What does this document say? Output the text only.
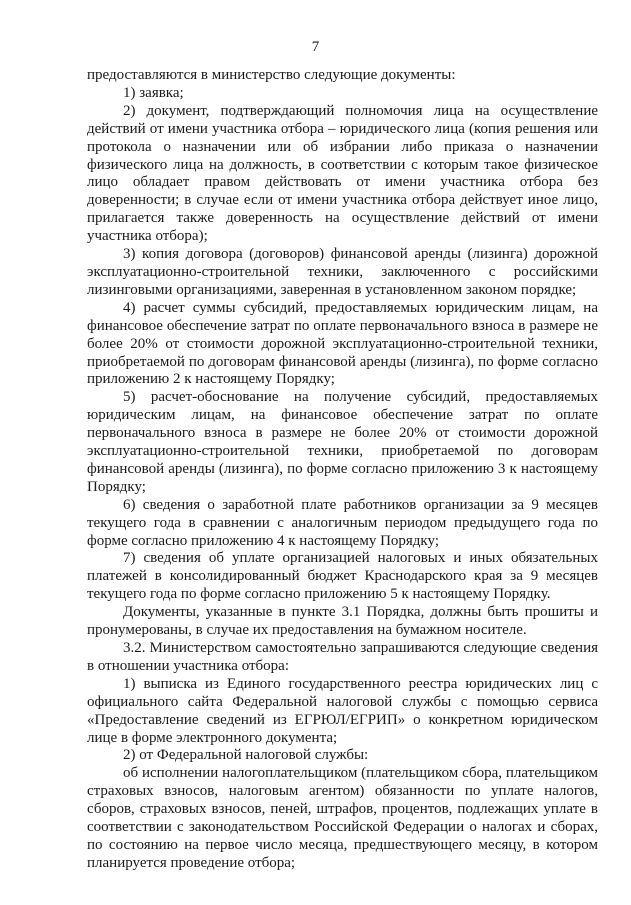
7

предоставляются в министерство следующие документы:

1) заявка;

2) документ, подтверждающий полномочия лица на осуществление действий от имени участника отбора – юридического лица (копия решения или протокола о назначении или об избрании либо приказа о назначении физического лица на должность, в соответствии с которым такое физическое лицо обладает правом действовать от имени участника отбора без доверенности; в случае если от имени участника отбора действует иное лицо, прилагается также доверенность на осуществление действий от имени участника отбора);

3) копия договора (договоров) финансовой аренды (лизинга) дорожной эксплуатационно-строительной техники, заключенного с российскими лизинговыми организациями, заверенная в установленном законом порядке;

4) расчет суммы субсидий, предоставляемых юридическим лицам, на финансовое обеспечение затрат по оплате первоначального взноса в размере не более 20% от стоимости дорожной эксплуатационно-строительной техники, приобретаемой по договорам финансовой аренды (лизинга), по форме согласно приложению 2 к настоящему Порядку;

5) расчет-обоснование на получение субсидий, предоставляемых юридическим лицам, на финансовое обеспечение затрат по оплате первоначального взноса в размере не более 20% от стоимости дорожной эксплуатационно-строительной техники, приобретаемой по договорам финансовой аренды (лизинга), по форме согласно приложению 3 к настоящему Порядку;

6) сведения о заработной плате работников организации за 9 месяцев текущего года в сравнении с аналогичным периодом предыдущего года по форме согласно приложению 4 к настоящему Порядку;

7) сведения об уплате организацией налоговых и иных обязательных платежей в консолидированный бюджет Краснодарского края за 9 месяцев текущего года по форме согласно приложению 5 к настоящему Порядку.

Документы, указанные в пункте 3.1 Порядка, должны быть прошиты и пронумерованы, в случае их предоставления на бумажном носителе.

3.2. Министерством самостоятельно запрашиваются следующие сведения в отношении участника отбора:

1) выписка из Единого государственного реестра юридических лиц с официального сайта Федеральной налоговой службы с помощью сервиса «Предоставление сведений из ЕГРЮЛ/ЕГРИП» о конкретном юридическом лице в форме электронного документа;

2) от Федеральной налоговой службы:

об исполнении налогоплательщиком (плательщиком сбора, плательщиком страховых взносов, налоговым агентом) обязанности по уплате налогов, сборов, страховых взносов, пеней, штрафов, процентов, подлежащих уплате в соответствии с законодательством Российской Федерации о налогах и сборах, по состоянию на первое число месяца, предшествующего месяцу, в котором планируется проведение отбора;
